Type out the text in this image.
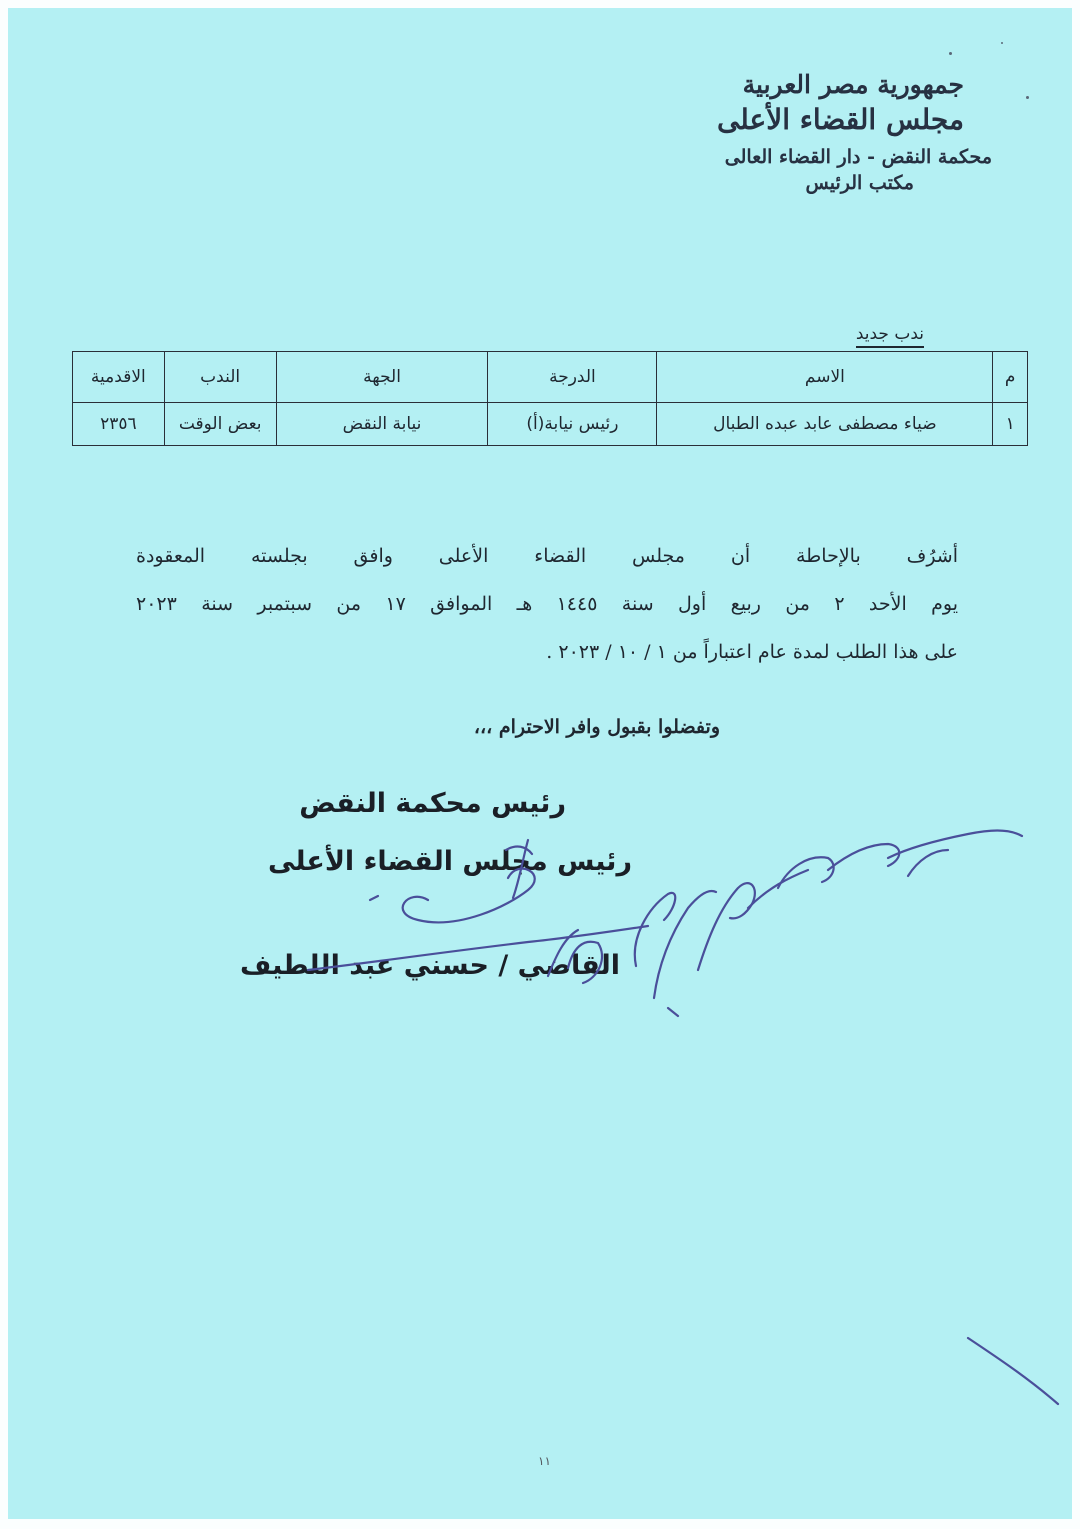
جمهورية مصر العربية
مجلس القضاء الأعلى
محكمة النقض - دار القضاء العالى
مكتب الرئيس
ندب جديد
م	الاسم	الدرجة	الجهة	الندب	الاقدمية
١	ضياء مصطفى عابد عبده الطبال	رئيس نيابة(أ)	نيابة النقض	بعض الوقت	٢٣٥٦
أشرُف بالإحاطة أن مجلس القضاء الأعلى وافق بجلسته المعقودة
يوم الأحد ٢ من ربيع أول سنة ١٤٤٥ هـ الموافق ١٧ من سبتمبر سنة ٢٠٢٣
على هذا الطلب لمدة عام اعتباراً من ١ / ١٠ / ٢٠٢٣ .
وتفضلوا بقبول وافر الاحترام ،،،
رئيس محكمة النقض
رئيس مجلس القضاء الأعلى
القاضي / حسني عبد اللطيف
١١
